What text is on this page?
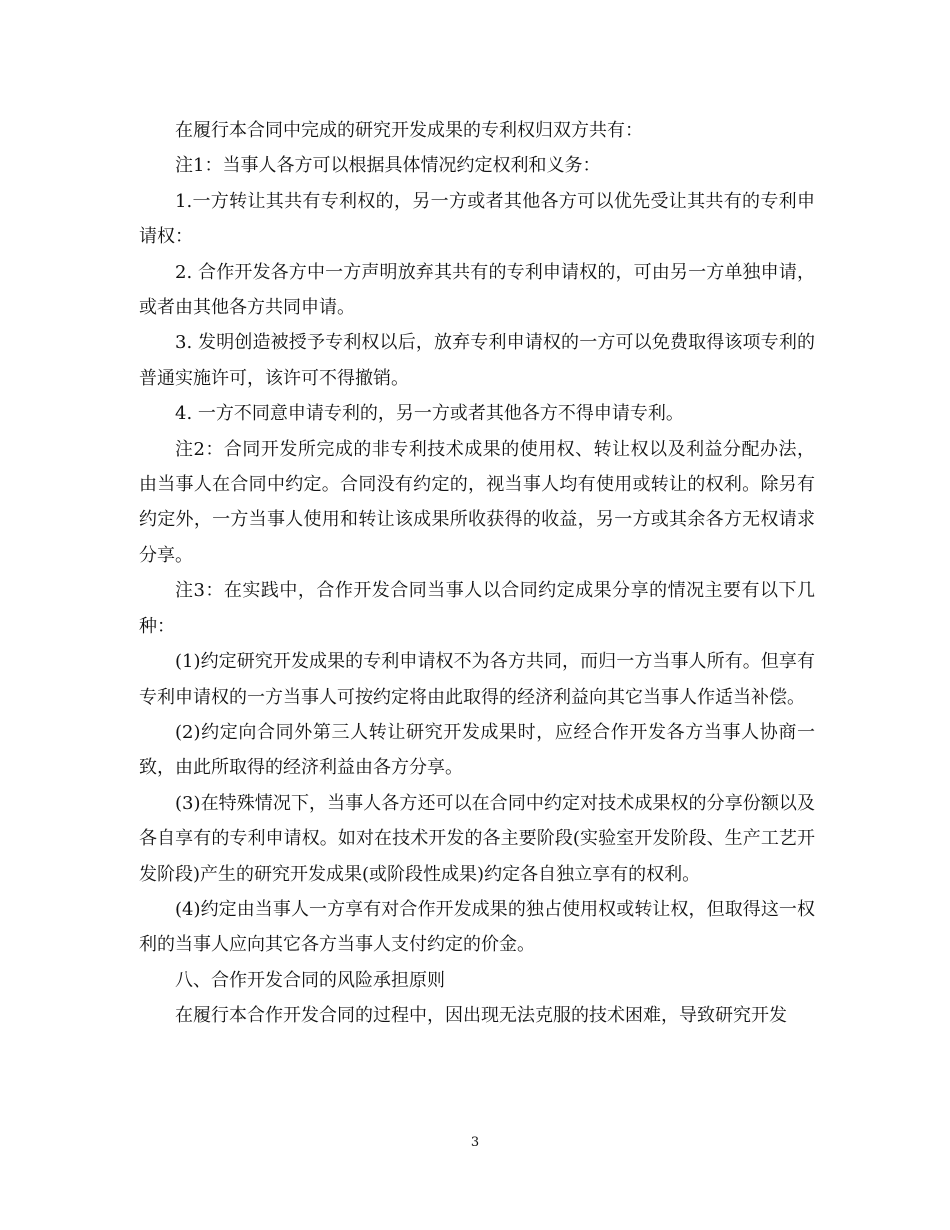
在履行本合同中完成的研究开发成果的专利权归双方共有：

注1：当事人各方可以根据具体情况约定权利和义务：

1.一方转让其共有专利权的，另一方或者其他各方可以优先受让其共有的专利申请权：

2. 合作开发各方中一方声明放弃其共有的专利申请权的，可由另一方单独申请，或者由其他各方共同申请。

3. 发明创造被授予专利权以后，放弃专利申请权的一方可以免费取得该项专利的普通实施许可，该许可不得撤销。

4. 一方不同意申请专利的，另一方或者其他各方不得申请专利。

注2：合同开发所完成的非专利技术成果的使用权、转让权以及利益分配办法，由当事人在合同中约定。合同没有约定的，视当事人均有使用或转让的权利。除另有约定外，一方当事人使用和转让该成果所收获得的收益，另一方或其余各方无权请求分享。

注3：在实践中，合作开发合同当事人以合同约定成果分享的情况主要有以下几种：

(1)约定研究开发成果的专利申请权不为各方共同，而归一方当事人所有。但享有专利申请权的一方当事人可按约定将由此取得的经济利益向其它当事人作适当补偿。

(2)约定向合同外第三人转让研究开发成果时，应经合作开发各方当事人协商一致，由此所取得的经济利益由各方分享。

(3)在特殊情况下，当事人各方还可以在合同中约定对技术成果权的分享份额以及各自享有的专利申请权。如对在技术开发的各主要阶段(实验室开发阶段、生产工艺开发阶段)产生的研究开发成果(或阶段性成果)约定各自独立享有的权利。

(4)约定由当事人一方享有对合作开发成果的独占使用权或转让权，但取得这一权利的当事人应向其它各方当事人支付约定的价金。

八、合作开发合同的风险承担原则

在履行本合作开发合同的过程中，因出现无法克服的技术困难，导致研究开发

3
